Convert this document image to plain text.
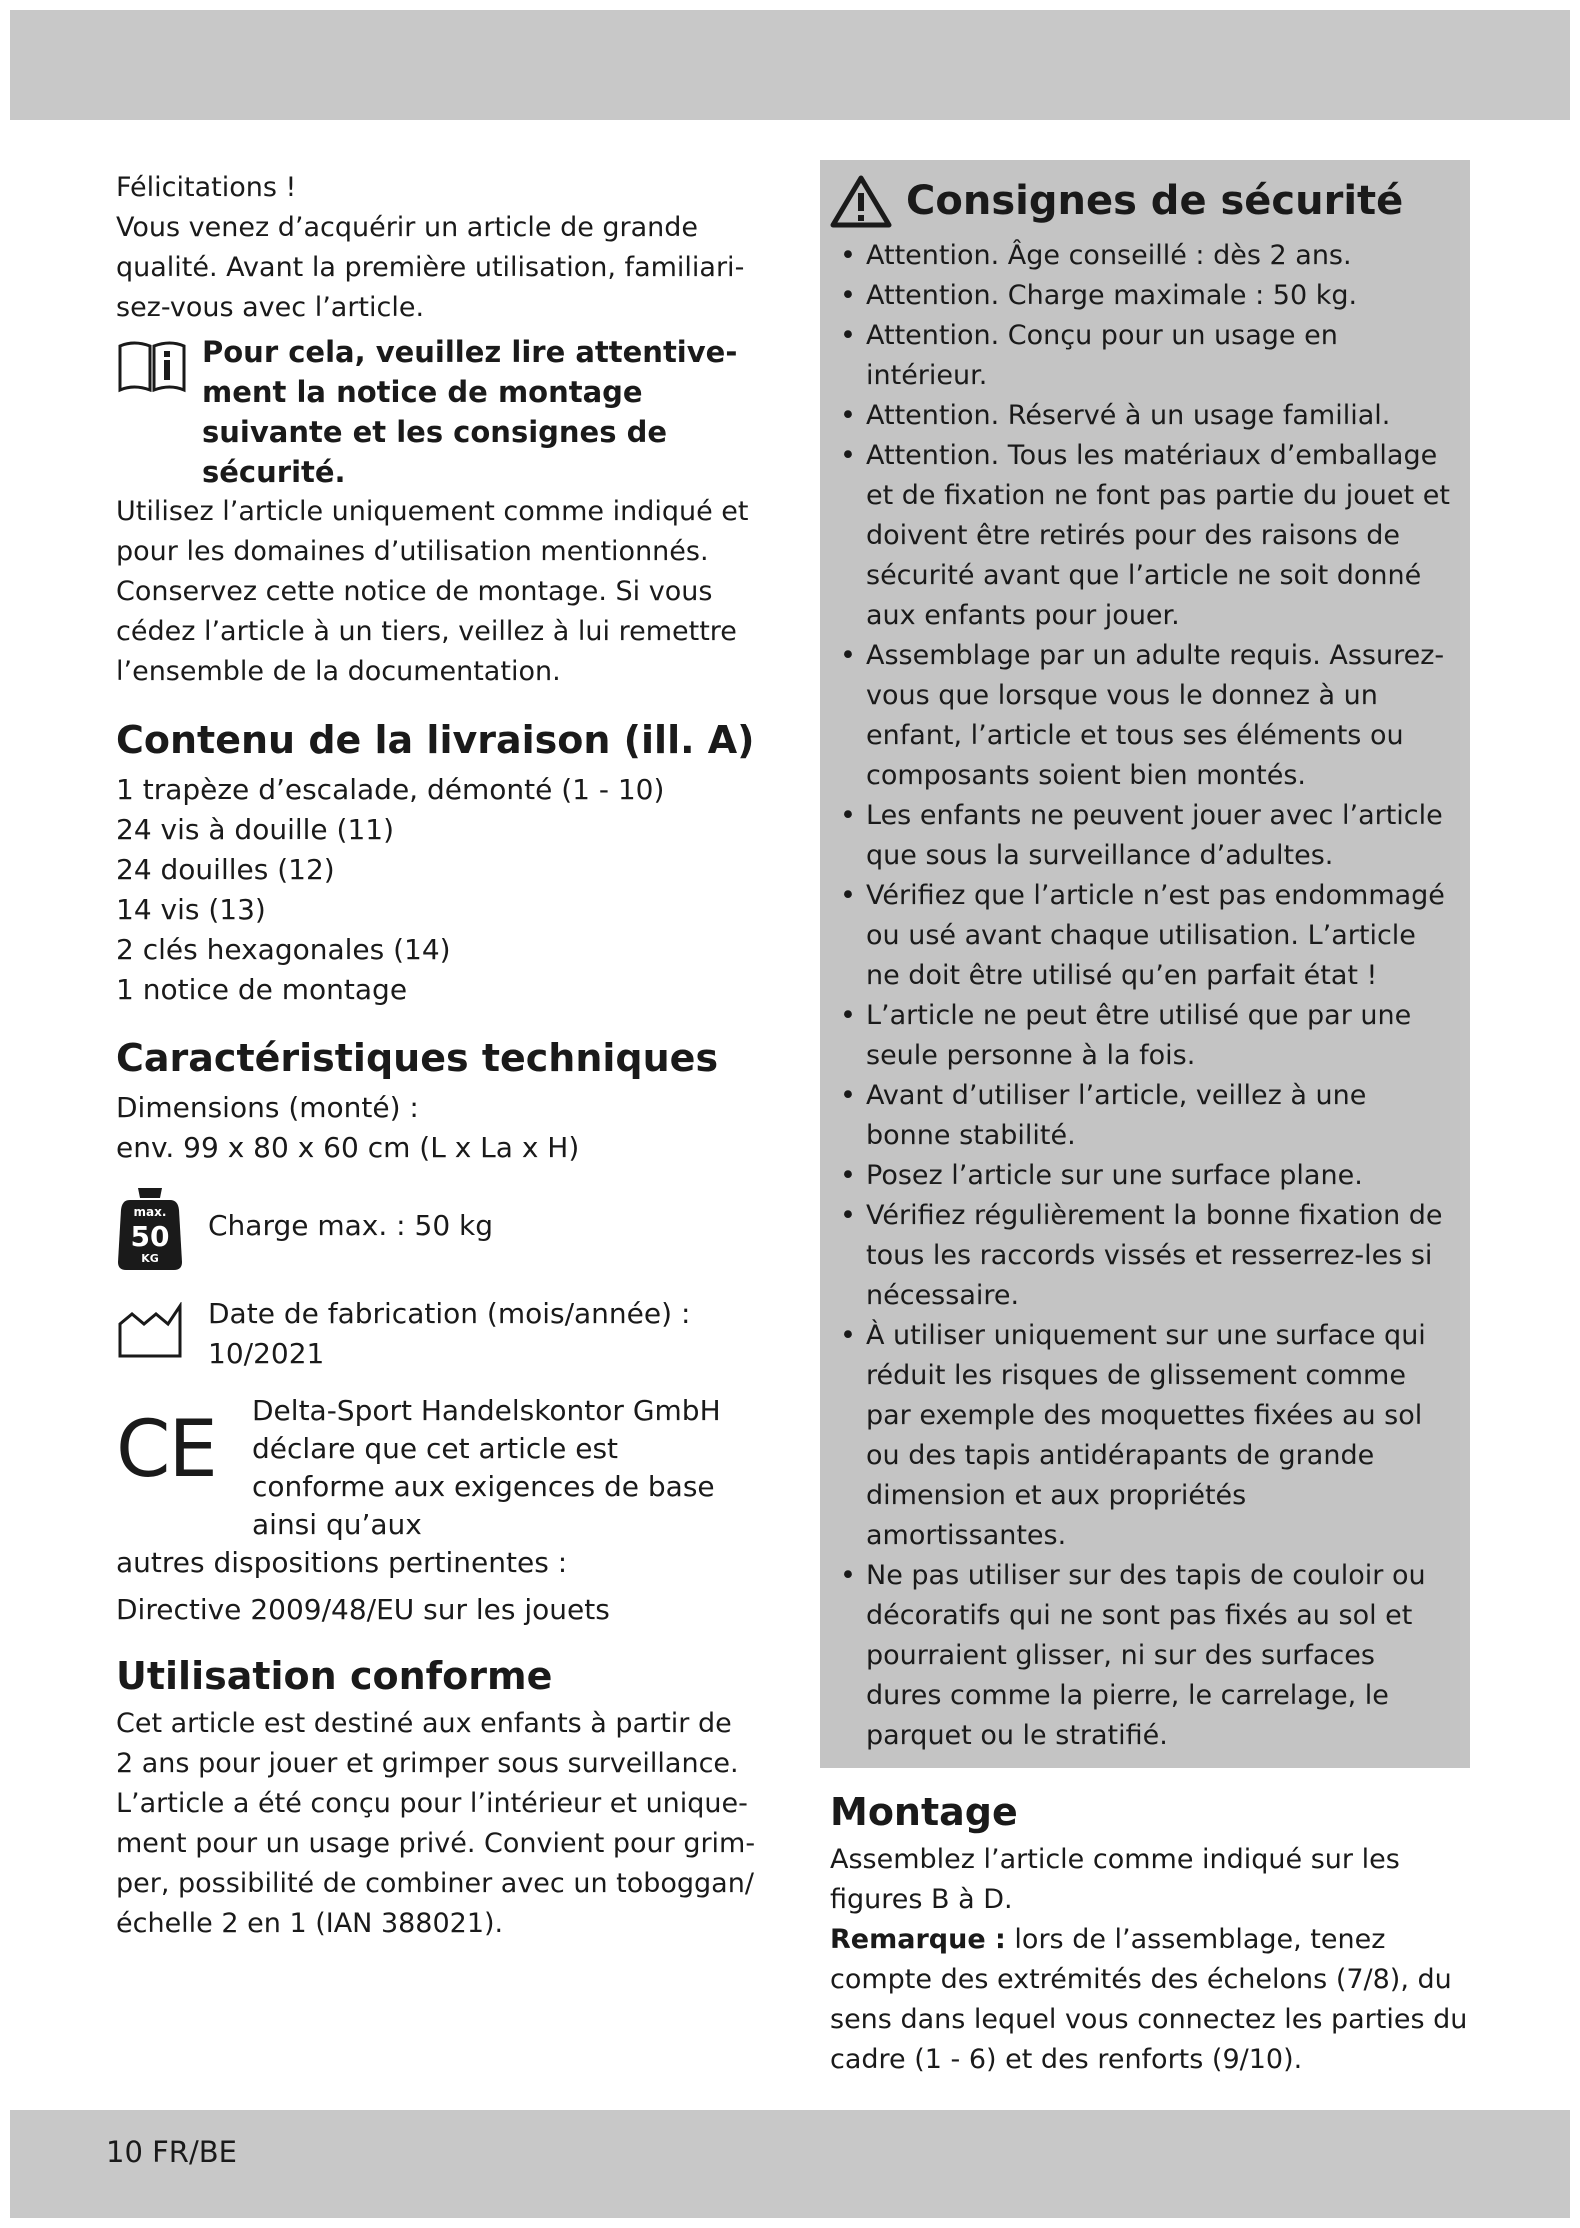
Félicitations !

Vous venez d’acquérir un article de grande qualité. Avant la première utilisation, familiarisez-vous avec l’article.

Pour cela, veuillez lire attentivement la notice de montage suivante et les consignes de sécurité.

Utilisez l’article uniquement comme indiqué et pour les domaines d’utilisation mentionnés. Conservez cette notice de montage. Si vous cédez l’article à un tiers, veillez à lui remettre l’ensemble de la documentation.

Contenu de la livraison (ill. A)
1 trapèze d’escalade, démonté (1 - 10)
24 vis à douille (11)
24 douilles (12)
14 vis (13)
2 clés hexagonales (14)
1 notice de montage
Caractéristiques techniques

Dimensions (monté) :

env. 99 x 80 x 60 cm (L x La x H)

max.
50
KG

Charge max. : 50 kg

Date de fabrication (mois/année) :

10/2021

CE Delta-Sport Handelskontor GmbH déclare que cet article est conforme aux exigences de base ainsi qu’aux

autres dispositions pertinentes :

Directive 2009/48/EU sur les jouets

Utilisation conforme

Cet article est destiné aux enfants à partir de 2 ans pour jouer et grimper sous surveillance. L’article a été conçu pour l’intérieur et uniquement pour un usage privé. Convient pour grimper, possibilité de combiner avec un toboggan/ échelle 2 en 1 (IAN 388021).

Consignes de sécurité
• Attention. Âge conseillé : dès 2 ans.
• Attention. Charge maximale : 50 kg.
• Attention. Conçu pour un usage en intérieur.
• Attention. Réservé à un usage familial.
• Attention. Tous les matériaux d’emballage et de fixation ne font pas partie du jouet et doivent être retirés pour des raisons de sécurité avant que l’article ne soit donné aux enfants pour jouer.
• Assemblage par un adulte requis. Assurez-vous que lorsque vous le donnez à un enfant, l’article et tous ses éléments ou composants soient bien montés.
• Les enfants ne peuvent jouer avec l’article que sous la surveillance d’adultes.
• Vérifiez que l’article n’est pas endommagé ou usé avant chaque utilisation. L’article ne doit être utilisé qu’en parfait état !
• L’article ne peut être utilisé que par une seule personne à la fois.
• Avant d’utiliser l’article, veillez à une bonne stabilité.
• Posez l’article sur une surface plane.
• Vérifiez régulièrement la bonne fixation de tous les raccords vissés et resserrez-les si nécessaire.
• À utiliser uniquement sur une surface qui réduit les risques de glissement comme par exemple des moquettes fixées au sol ou des tapis antidérapants de grande dimension et aux propriétés amortissantes.
• Ne pas utiliser sur des tapis de couloir ou décoratifs qui ne sont pas fixés au sol et pourraient glisser, ni sur des surfaces dures comme la pierre, le carrelage, le parquet ou le stratifié.
Montage

Assemblez l’article comme indiqué sur les figures B à D.

Remarque : lors de l’assemblage, tenez compte des extrémités des échelons (7/8), du sens dans lequel vous connectez les parties du cadre (1 - 6) et des renforts (9/10).

10 FR/BE
